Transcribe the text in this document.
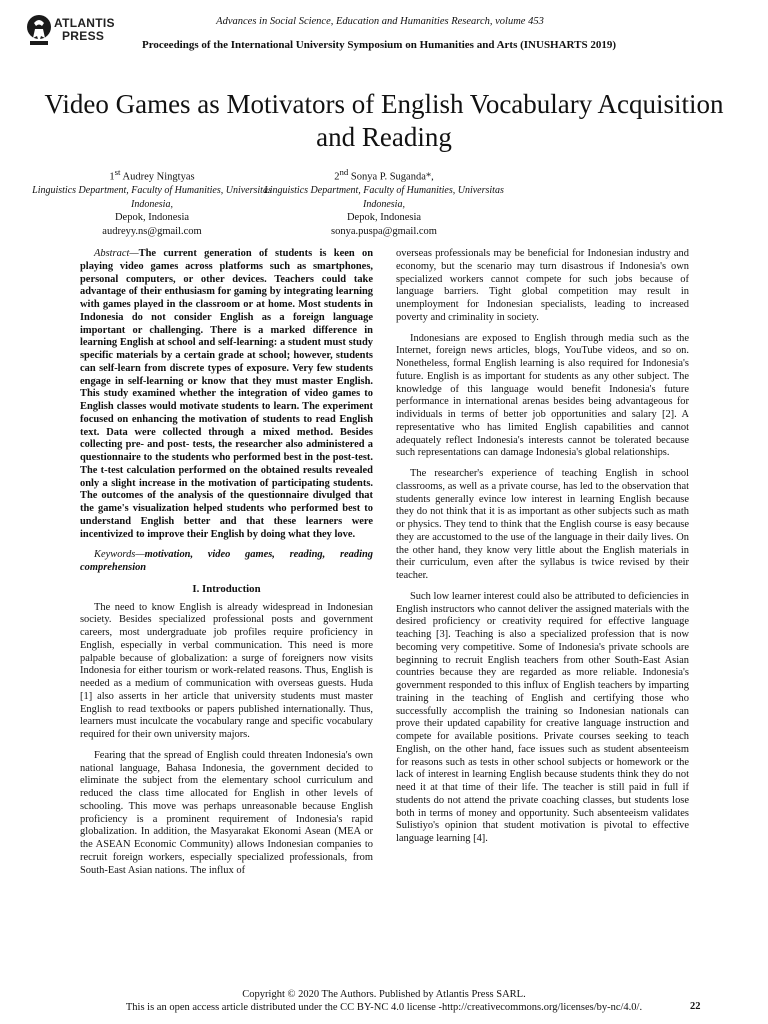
ATLANTIS
PRESS
Advances in Social Science, Education and Humanities Research, volume 453
Proceedings of the International University Symposium on Humanities and Arts (INUSHARTS 2019)
Video Games as Motivators of English Vocabulary Acquisition and Reading
1st Audrey Ningtyas
Linguistics Department, Faculty of Humanities, Universitas Indonesia,
Depok, Indonesia
audreyy.ns@gmail.com
2nd Sonya P. Suganda*,
Linguistics Department, Faculty of Humanities, Universitas Indonesia,
Depok, Indonesia
sonya.puspa@gmail.com

Abstract—The current generation of students is keen on playing video games across platforms such as smartphones, personal computers, or other devices. Teachers could take advantage of their enthusiasm for gaming by integrating learning with games played in the classroom or at home. Most students in Indonesia do not consider English as a foreign language important or challenging. There is a marked difference in learning English at school and self-learning: a student must study specific materials by a certain grade at school; however, students can self-learn from discrete types of exposure. Very few students engage in self-learning or know that they must master English. This study examined whether the integration of video games to English classes would motivate students to learn. The experiment focused on enhancing the motivation of students to read English text. Data were collected through a mixed method. Besides collecting pre- and post- tests, the researcher also administered a questionnaire to the students who performed best in the post-test. The t-test calculation performed on the obtained results revealed only a slight increase in the motivation of participating students. The outcomes of the analysis of the questionnaire divulged that the game's visualization helped students who performed best to understand English better and that these learners were incentivized to improve their English by doing what they love.

Keywords—motivation, video games, reading, reading comprehension

I. Introduction

The need to know English is already widespread in Indonesian society. Besides specialized professional posts and government careers, most undergraduate job profiles require proficiency in English, especially in verbal communication. This need is more palpable because of globalization: a surge of foreigners now visits Indonesia for either tourism or work-related reasons. Thus, English is needed as a medium of communication with overseas guests. Huda [1] also asserts in her article that university students must master English to read textbooks or papers published internationally. Thus, learners must inculcate the vocabulary range and specific vocabulary required for their own university majors.

Fearing that the spread of English could threaten Indonesia's own national language, Bahasa Indonesia, the government decided to eliminate the subject from the elementary school curriculum and reduced the class time allocated for English in other levels of schooling. This move was perhaps unreasonable because English proficiency is a prominent requirement of Indonesia's rapid globalization. In addition, the Masyarakat Ekonomi Asean (MEA or the ASEAN Economic Community) allows Indonesian companies to recruit foreign workers, especially specialized professionals, from South-East Asian nations. The influx of

overseas professionals may be beneficial for Indonesian industry and economy, but the scenario may turn disastrous if Indonesia's own specialized workers cannot compete for such jobs because of language barriers. Tight global competition may result in unemployment for Indonesian specialists, leading to increased poverty and criminality in society.

Indonesians are exposed to English through media such as the Internet, foreign news articles, blogs, YouTube videos, and so on. Nonetheless, formal English learning is also required for Indonesia's future. English is as important for students as any other subject. The knowledge of this language would benefit Indonesia's future performance in international arenas besides being advantageous for individuals in terms of better job opportunities and salary [2]. A representative who has limited English capabilities and cannot adequately reflect Indonesia's interests cannot be tolerated because such representations can damage Indonesia's global relationships.

The researcher's experience of teaching English in school classrooms, as well as a private course, has led to the observation that students generally evince low interest in learning English because they do not think that it is as important as other subjects such as math or physics. They tend to think that the English course is easy because they are accustomed to the use of the language in their daily lives. On the other hand, they know very little about the English materials in their curriculum, even after the syllabus is twice revised by their teacher.

Such low learner interest could also be attributed to deficiencies in English instructors who cannot deliver the assigned materials with the desired proficiency or creativity required for effective language teaching [3]. Teaching is also a specialized profession that is now becoming very competitive. Some of Indonesia's private schools are beginning to recruit English teachers from other South-East Asian countries because they are regarded as more reliable. Indonesia's government responded to this influx of English teachers by imparting training in the teaching of English and certifying those who successfully accomplish the training so Indonesian nationals can prove their updated capability for creative language instruction and compete for available positions. Private courses seeking to teach English, on the other hand, face issues such as student absenteeism for reasons such as tests in other school subjects or homework or the lack of interest in learning English because students think they do not need it at that time of their life. The teacher is still paid in full if students do not attend the private coaching classes, but students lose both in terms of money and opportunity. Such absenteeism validates Sulistiyo's opinion that student motivation is pivotal to effective language learning [4].

Copyright © 2020 The Authors. Published by Atlantis Press SARL.
This is an open access article distributed under the CC BY-NC 4.0 license -http://creativecommons.org/licenses/by-nc/4.0/.	22
